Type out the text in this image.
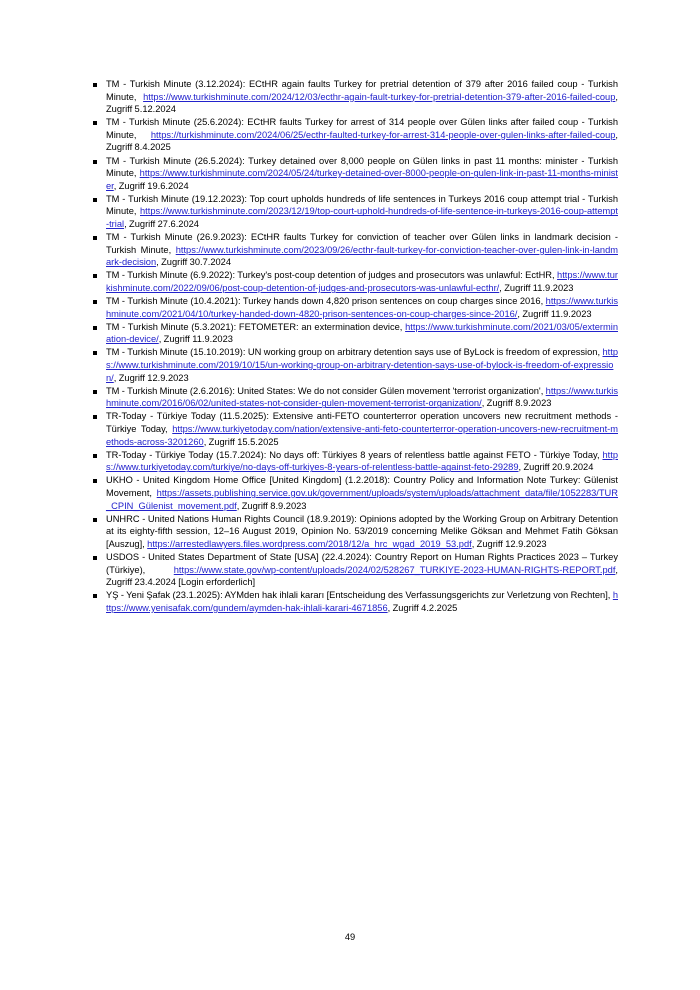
TM - Turkish Minute (3.12.2024): ECtHR again faults Turkey for pretrial detention of 379 after 2016 failed coup - Turkish Minute, https://www.turkishminute.com/2024/12/03/ecthr-again-fault-turkey-for-pretrial-detention-379-after-2016-failed-coup, Zugriff 5.12.2024
TM - Turkish Minute (25.6.2024): ECtHR faults Turkey for arrest of 314 people over Gülen links after failed coup - Turkish Minute, https://turkishminute.com/2024/06/25/ecthr-faulted-turkey-for-arrest-314-people-over-gulen-links-after-failed-coup, Zugriff 8.4.2025
TM - Turkish Minute (26.5.2024): Turkey detained over 8,000 people on Gülen links in past 11 months: minister - Turkish Minute, https://www.turkishminute.com/2024/05/24/turkey-detained-over-8000-people-on-gulen-link-in-past-11-months-minister, Zugriff 19.6.2024
TM - Turkish Minute (19.12.2023): Top court upholds hundreds of life sentences in Turkeys 2016 coup attempt trial - Turkish Minute, https://www.turkishminute.com/2023/12/19/top-court-uphold-hundreds-of-life-sentence-in-turkeys-2016-coup-attempt-trial, Zugriff 27.6.2024
TM - Turkish Minute (26.9.2023): ECtHR faults Turkey for conviction of teacher over Gülen links in landmark decision - Turkish Minute, https://www.turkishminute.com/2023/09/26/ecthr-fault-turkey-for-conviction-teacher-over-gulen-link-in-landmark-decision, Zugriff 30.7.2024
TM - Turkish Minute (6.9.2022): Turkey's post-coup detention of judges and prosecutors was unlawful: EctHR, https://www.turkishminute.com/2022/09/06/post-coup-detention-of-judges-and-prosecutors-was-unlawful-ecthr/, Zugriff 11.9.2023
TM - Turkish Minute (10.4.2021): Turkey hands down 4,820 prison sentences on coup charges since 2016, https://www.turkishminute.com/2021/04/10/turkey-handed-down-4820-prison-sentences-on-coup-charges-since-2016/, Zugriff 11.9.2023
TM - Turkish Minute (5.3.2021): FETOMETER: an extermination device, https://www.turkishminute.com/2021/03/05/extermination-device/, Zugriff 11.9.2023
TM - Turkish Minute (15.10.2019): UN working group on arbitrary detention says use of ByLock is freedom of expression, https://www.turkishminute.com/2019/10/15/un-working-group-on-arbitrary-detention-says-use-of-bylock-is-freedom-of-expression/, Zugriff 12.9.2023
TM - Turkish Minute (2.6.2016): United States: We do not consider Gülen movement 'terrorist organization', https://www.turkishminute.com/2016/06/02/united-states-not-consider-gulen-movement-terrorist-organization/, Zugriff 8.9.2023
TR-Today - Türkiye Today (11.5.2025): Extensive anti-FETO counterterror operation uncovers new recruitment methods - Türkiye Today, https://www.turkiyetoday.com/nation/extensive-anti-feto-counterterror-operation-uncovers-new-recruitment-methods-across-3201260, Zugriff 15.5.2025
TR-Today - Türkiye Today (15.7.2024): No days off: Türkiyes 8 years of relentless battle against FETO - Türkiye Today, https://www.turkiyetoday.com/turkiye/no-days-off-turkiyes-8-years-of-relentless-battle-against-feto-29289, Zugriff 20.9.2024
UKHO - United Kingdom Home Office [United Kingdom] (1.2.2018): Country Policy and Information Note Turkey: Gülenist Movement, https://assets.publishing.service.gov.uk/government/uploads/system/uploads/attachment_data/file/1052283/TUR_CPIN_Gülenist_movement.pdf, Zugriff 8.9.2023
UNHRC - United Nations Human Rights Council (18.9.2019): Opinions adopted by the Working Group on Arbitrary Detention at its eighty-fifth session, 12–16 August 2019, Opinion No. 53/2019 concerning Melike Göksan and Mehmet Fatih Göksan [Auszug], https://arrestedlawyers.files.wordpress.com/2018/12/a_hrc_wgad_2019_53.pdf, Zugriff 12.9.2023
USDOS - United States Department of State [USA] (22.4.2024): Country Report on Human Rights Practices 2023 – Turkey (Türkiye), https://www.state.gov/wp-content/uploads/2024/02/528267_TURKIYE-2023-HUMAN-RIGHTS-REPORT.pdf, Zugriff 23.4.2024 [Login erforderlich]
YŞ - Yeni Şafak (23.1.2025): AYMden hak ihlali kararı [Entscheidung des Verfassungsgerichts zur Verletzung von Rechten], https://www.yenisafak.com/gundem/aymden-hak-ihlali-karari-4671856, Zugriff 4.2.2025
49
